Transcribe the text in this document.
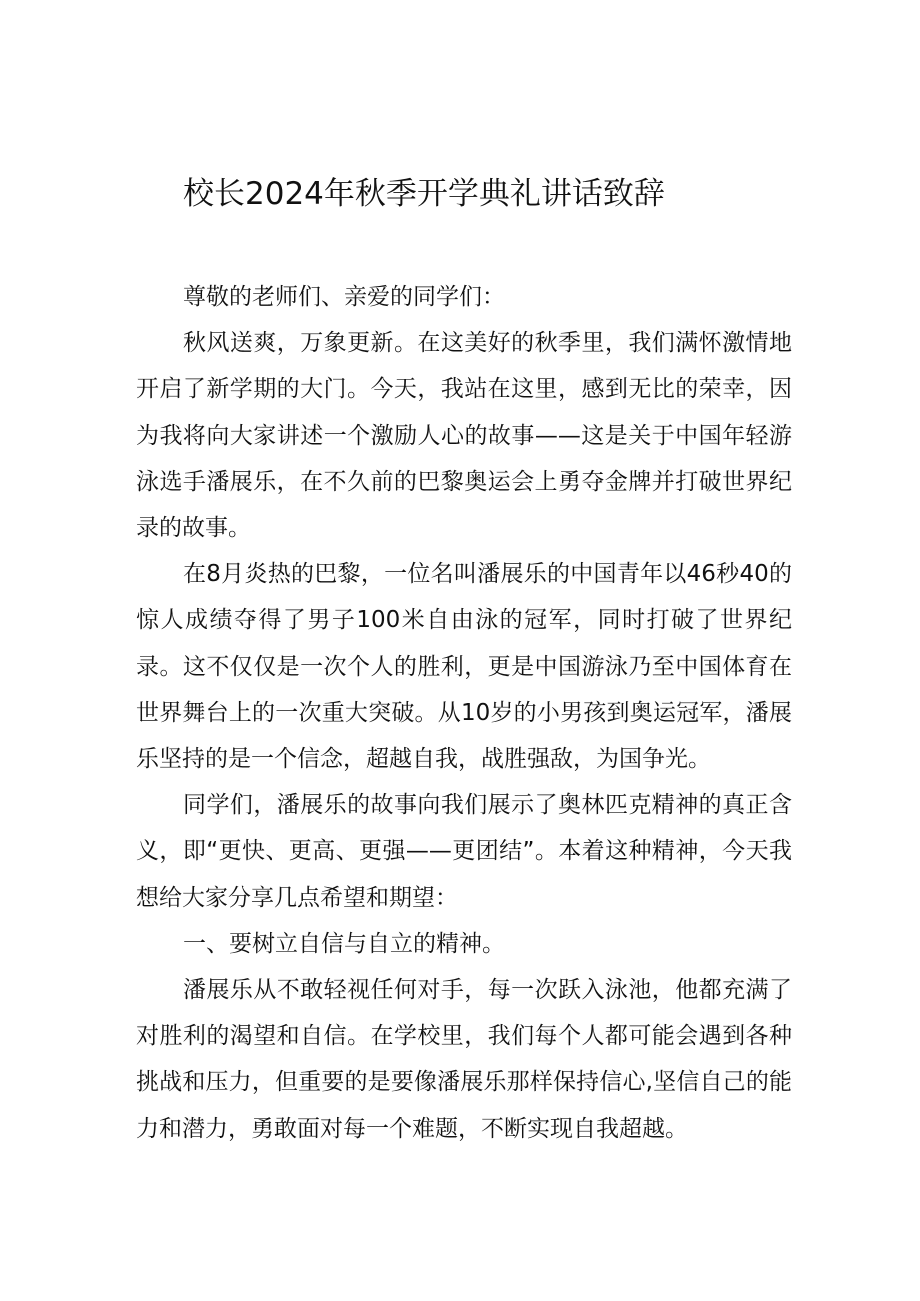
校长2024年秋季开学典礼讲话致辞

尊敬的老师们、亲爱的同学们：

秋风送爽，万象更新。在这美好的秋季里，我们满怀激情地开启了新学期的大门。今天，我站在这里，感到无比的荣幸，因为我将向大家讲述一个激励人心的故事——这是关于中国年轻游泳选手潘展乐，在不久前的巴黎奥运会上勇夺金牌并打破世界纪录的故事。

在8月炎热的巴黎，一位名叫潘展乐的中国青年以46秒40的惊人成绩夺得了男子100米自由泳的冠军，同时打破了世界纪录。这不仅仅是一次个人的胜利，更是中国游泳乃至中国体育在世界舞台上的一次重大突破。从10岁的小男孩到奥运冠军，潘展乐坚持的是一个信念，超越自我，战胜强敌，为国争光。

同学们，潘展乐的故事向我们展示了奥林匹克精神的真正含义，即“更快、更高、更强——更团结”。本着这种精神，今天我想给大家分享几点希望和期望：

一、要树立自信与自立的精神。

潘展乐从不敢轻视任何对手，每一次跃入泳池，他都充满了对胜利的渴望和自信。在学校里，我们每个人都可能会遇到各种挑战和压力，但重要的是要像潘展乐那样保持信心,坚信自己的能力和潜力，勇敢面对每一个难题，不断实现自我超越。
